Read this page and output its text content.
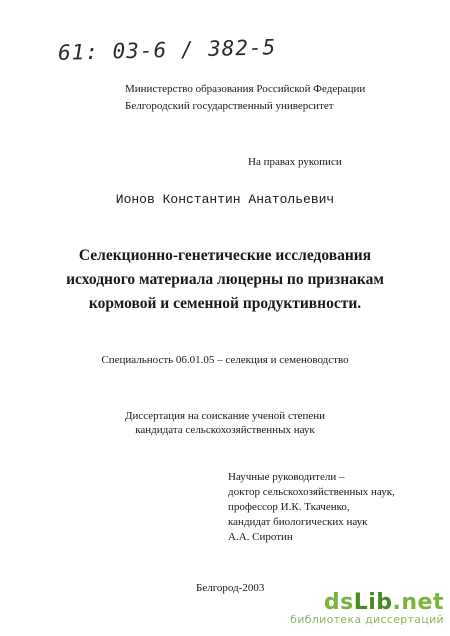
61: 03-6 / 382-5
Министерство образования Российской Федерации
Белгородский государственный университет
На правах рукописи
Ионов Константин Анатольевич
Селекционно-генетические исследования
исходного материала люцерны по признакам
кормовой и семенной продуктивности.
Специальность 06.01.05 – селекция и семеноводство
Диссертация на соискание ученой степени
кандидата сельскохозяйственных наук
Научные руководители –
доктор сельскохозяйственных наук,
профессор И.К. Ткаченко,
кандидат биологических наук
А.А. Сиротин
Белгород-2003
dsLib.net
библиотека диссертаций
